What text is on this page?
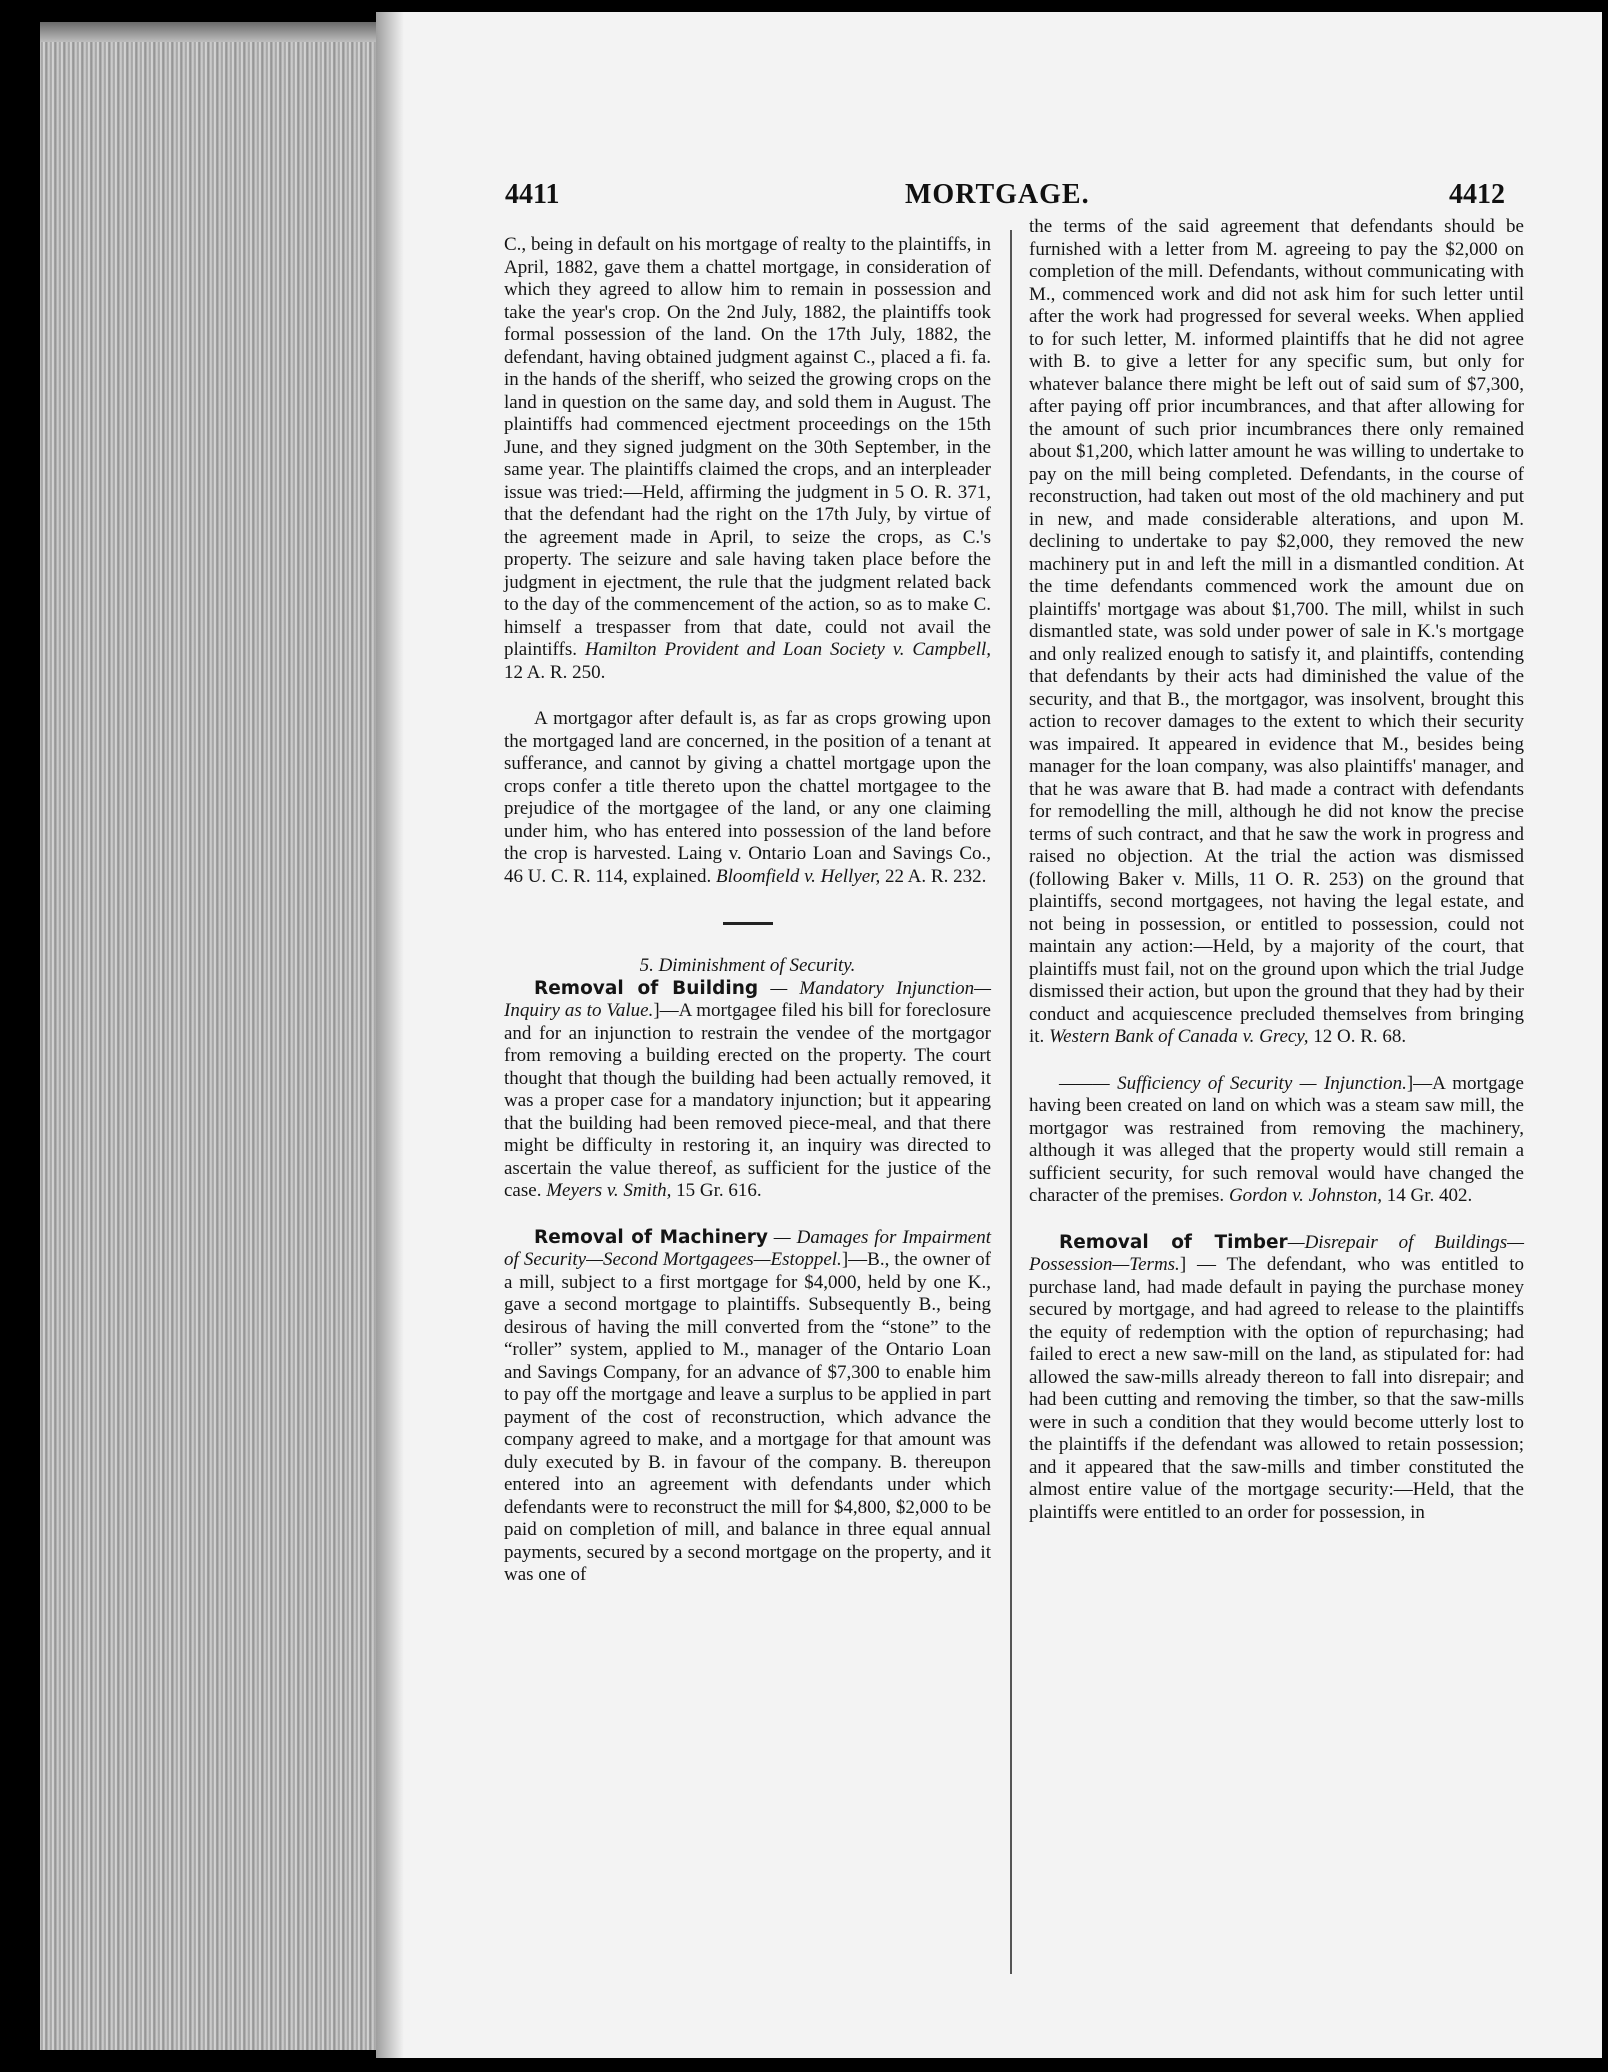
4411	MORTGAGE.	4412

C., being in default on his mortgage of realty to the plaintiffs, in April, 1882, gave them a chattel mortgage, in consideration of which they agreed to allow him to remain in possession and take the year's crop. On the 2nd July, 1882, the plaintiffs took formal possession of the land. On the 17th July, 1882, the defendant, having obtained judgment against C., placed a fi. fa. in the hands of the sheriff, who seized the growing crops on the land in question on the same day, and sold them in August. The plaintiffs had commenced ejectment proceedings on the 15th June, and they signed judgment on the 30th September, in the same year. The plaintiffs claimed the crops, and an interpleader issue was tried:—Held, affirming the judgment in 5 O. R. 371, that the defendant had the right on the 17th July, by virtue of the agreement made in April, to seize the crops, as C.'s property. The seizure and sale having taken place before the judgment in ejectment, the rule that the judgment related back to the day of the commencement of the action, so as to make C. himself a trespasser from that date, could not avail the plaintiffs. Hamilton Provident and Loan Society v. Campbell, 12 A. R. 250.

A mortgagor after default is, as far as crops growing upon the mortgaged land are concerned, in the position of a tenant at sufferance, and cannot by giving a chattel mortgage upon the crops confer a title thereto upon the chattel mortgagee to the prejudice of the mortgagee of the land, or any one claiming under him, who has entered into possession of the land before the crop is harvested. Laing v. Ontario Loan and Savings Co., 46 U. C. R. 114, explained. Bloomfield v. Hellyer, 22 A. R. 232.

5. Diminishment of Security.

Removal of Building — Mandatory Injunction—Inquiry as to Value.]—A mortgagee filed his bill for foreclosure and for an injunction to restrain the vendee of the mortgagor from removing a building erected on the property. The court thought that though the building had been actually removed, it was a proper case for a mandatory injunction; but it appearing that the building had been removed piece-meal, and that there might be difficulty in restoring it, an inquiry was directed to ascertain the value thereof, as sufficient for the justice of the case. Meyers v. Smith, 15 Gr. 616.

Removal of Machinery — Damages for Impairment of Security—Second Mortgagees—Estoppel.]—B., the owner of a mill, subject to a first mortgage for $4,000, held by one K., gave a second mortgage to plaintiffs. Subsequently B., being desirous of having the mill converted from the “stone” to the “roller” system, applied to M., manager of the Ontario Loan and Savings Company, for an advance of $7,300 to enable him to pay off the mortgage and leave a surplus to be applied in part payment of the cost of reconstruction, which advance the company agreed to make, and a mortgage for that amount was duly executed by B. in favour of the company. B. thereupon entered into an agreement with defendants under which defendants were to reconstruct the mill for $4,800, $2,000 to be paid on completion of mill, and balance in three equal annual payments, secured by a second mortgage on the property, and it was one of

the terms of the said agreement that defendants should be furnished with a letter from M. agreeing to pay the $2,000 on completion of the mill. Defendants, without communicating with M., commenced work and did not ask him for such letter until after the work had progressed for several weeks. When applied to for such letter, M. informed plaintiffs that he did not agree with B. to give a letter for any specific sum, but only for whatever balance there might be left out of said sum of $7,300, after paying off prior incumbrances, and that after allowing for the amount of such prior incumbrances there only remained about $1,200, which latter amount he was willing to undertake to pay on the mill being completed. Defendants, in the course of reconstruction, had taken out most of the old machinery and put in new, and made considerable alterations, and upon M. declining to undertake to pay $2,000, they removed the new machinery put in and left the mill in a dismantled condition. At the time defendants commenced work the amount due on plaintiffs' mortgage was about $1,700. The mill, whilst in such dismantled state, was sold under power of sale in K.'s mortgage and only realized enough to satisfy it, and plaintiffs, contending that defendants by their acts had diminished the value of the security, and that B., the mortgagor, was insolvent, brought this action to recover damages to the extent to which their security was impaired. It appeared in evidence that M., besides being manager for the loan company, was also plaintiffs' manager, and that he was aware that B. had made a contract with defendants for remodelling the mill, although he did not know the precise terms of such contract, and that he saw the work in progress and raised no objection. At the trial the action was dismissed (following Baker v. Mills, 11 O. R. 253) on the ground that plaintiffs, second mortgagees, not having the legal estate, and not being in possession, or entitled to possession, could not maintain any action:—Held, by a majority of the court, that plaintiffs must fail, not on the ground upon which the trial Judge dismissed their action, but upon the ground that they had by their conduct and acquiescence precluded themselves from bringing it. Western Bank of Canada v. Grecy, 12 O. R. 68.

——— Sufficiency of Security — Injunction.]—A mortgage having been created on land on which was a steam saw mill, the mortgagor was restrained from removing the machinery, although it was alleged that the property would still remain a sufficient security, for such removal would have changed the character of the premises. Gordon v. Johnston, 14 Gr. 402.

Removal of Timber—Disrepair of Buildings—Possession—Terms.] — The defendant, who was entitled to purchase land, had made default in paying the purchase money secured by mortgage, and had agreed to release to the plaintiffs the equity of redemption with the option of repurchasing; had failed to erect a new saw-mill on the land, as stipulated for: had allowed the saw-mills already thereon to fall into disrepair; and had been cutting and removing the timber, so that the saw-mills were in such a condition that they would become utterly lost to the plaintiffs if the defendant was allowed to retain possession; and it appeared that the saw-mills and timber constituted the almost entire value of the mortgage security:—Held, that the plaintiffs were entitled to an order for possession, in
